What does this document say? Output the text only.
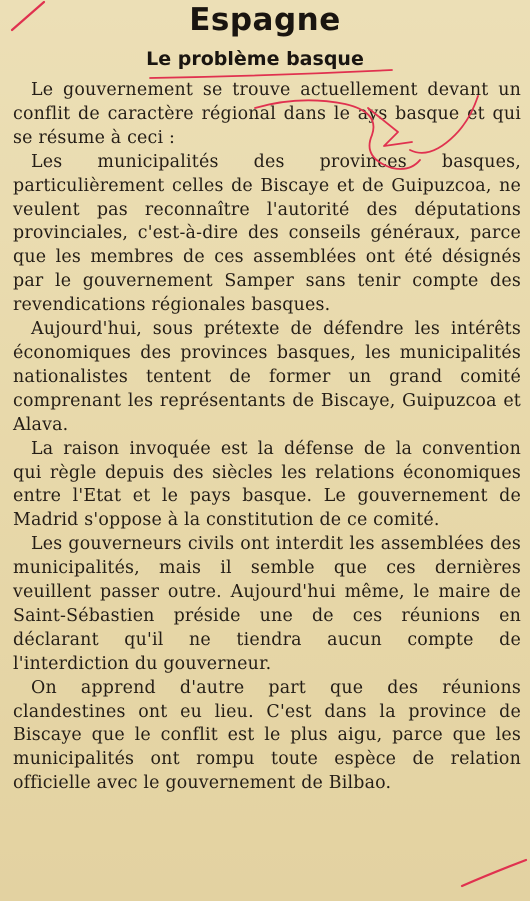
Espagne
Le problème basque

Le gouvernement se trouve actuellement devant un conflit de caractère régional dans le ays basque et qui se résume à ceci :

Les municipalités des provinces basques, particulièrement celles de Biscaye et de Guipuzcoa, ne veulent pas reconnaître l'autorité des députations provinciales, c'est-à-dire des conseils généraux, parce que les membres de ces assemblées ont été désignés par le gouvernement Samper sans tenir compte des revendications régionales basques.

Aujourd'hui, sous prétexte de défendre les intérêts économiques des provinces basques, les municipalités nationalistes tentent de former un grand comité comprenant les représentants de Biscaye, Guipuzcoa et Alava.

La raison invoquée est la défense de la convention qui règle depuis des siècles les relations économiques entre l'Etat et le pays basque. Le gouvernement de Madrid s'oppose à la constitution de ce comité.

Les gouverneurs civils ont interdit les assemblées des municipalités, mais il semble que ces dernières veuillent passer outre. Aujourd'hui même, le maire de Saint-Sébastien préside une de ces réunions en déclarant qu'il ne tiendra aucun compte de l'interdiction du gouverneur.

On apprend d'autre part que des réunions clandestines ont eu lieu. C'est dans la province de Biscaye que le conflit est le plus aigu, parce que les municipalités ont rompu toute espèce de relation officielle avec le gouvernement de Bilbao.
